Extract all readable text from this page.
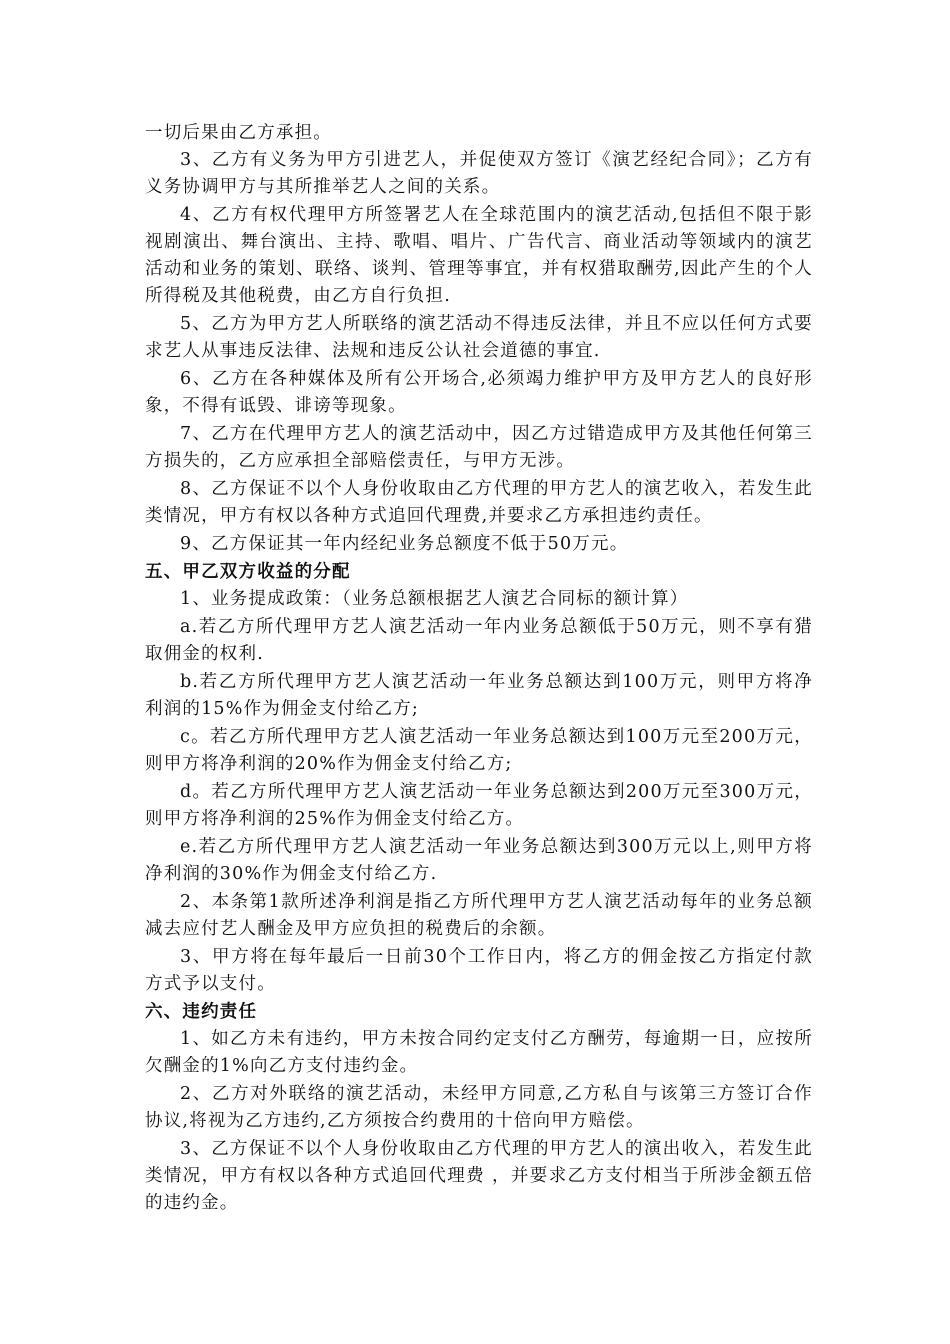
一切后果由乙方承担。

3、乙方有义务为甲方引进艺人，并促使双方签订《演艺经纪合同》；乙方有义务协调甲方与其所推举艺人之间的关系。

4、乙方有权代理甲方所签署艺人在全球范围内的演艺活动,包括但不限于影视剧演出、舞台演出、主持、歌唱、唱片、广告代言、商业活动等领域内的演艺活动和业务的策划、联络、谈判、管理等事宜，并有权猎取酬劳,因此产生的个人所得税及其他税费，由乙方自行负担.

5、乙方为甲方艺人所联络的演艺活动不得违反法律，并且不应以任何方式要求艺人从事违反法律、法规和违反公认社会道德的事宜.

6、乙方在各种媒体及所有公开场合,必须竭力维护甲方及甲方艺人的良好形象，不得有诋毁、诽谤等现象。

7、乙方在代理甲方艺人的演艺活动中，因乙方过错造成甲方及其他任何第三方损失的，乙方应承担全部赔偿责任，与甲方无涉。

8、乙方保证不以个人身份收取由乙方代理的甲方艺人的演艺收入，若发生此类情况，甲方有权以各种方式追回代理费,并要求乙方承担违约责任。

9、乙方保证其一年内经纪业务总额度不低于50万元。

五、甲乙双方收益的分配

1、业务提成政策：（业务总额根据艺人演艺合同标的额计算）

a.若乙方所代理甲方艺人演艺活动一年内业务总额低于50万元，则不享有猎取佣金的权利.

b.若乙方所代理甲方艺人演艺活动一年业务总额达到100万元，则甲方将净利润的15%作为佣金支付给乙方;

c。若乙方所代理甲方艺人演艺活动一年业务总额达到100万元至200万元，则甲方将净利润的20%作为佣金支付给乙方;

d。若乙方所代理甲方艺人演艺活动一年业务总额达到200万元至300万元，则甲方将净利润的25%作为佣金支付给乙方。

e.若乙方所代理甲方艺人演艺活动一年业务总额达到300万元以上,则甲方将净利润的30%作为佣金支付给乙方.

2、本条第1款所述净利润是指乙方所代理甲方艺人演艺活动每年的业务总额减去应付艺人酬金及甲方应负担的税费后的余额。

3、甲方将在每年最后一日前30个工作日内，将乙方的佣金按乙方指定付款方式予以支付。

六、违约责任

1、如乙方未有违约，甲方未按合同约定支付乙方酬劳，每逾期一日，应按所欠酬金的1%向乙方支付违约金。

2、乙方对外联络的演艺活动，未经甲方同意,乙方私自与该第三方签订合作协议,将视为乙方违约,乙方须按合约费用的十倍向甲方赔偿。

3、乙方保证不以个人身份收取由乙方代理的甲方艺人的演出收入，若发生此类情况，甲方有权以各种方式追回代理费 ，并要求乙方支付相当于所涉金额五倍的违约金。
